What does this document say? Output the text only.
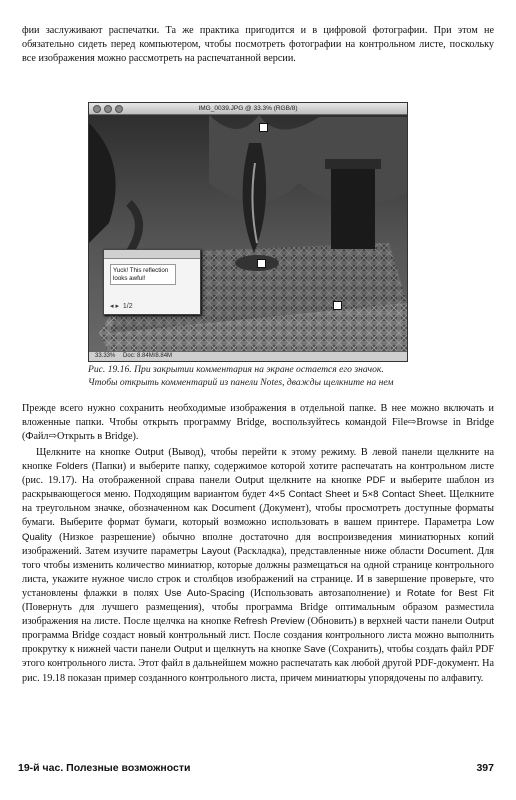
фии заслуживают распечатки. Та же практика пригодится и в цифровой фотографии. При этом не обязательно сидеть перед компьютером, чтобы посмотреть фотографии на контрольном листе, поскольку все изображения можно рассмотреть на распечатанной версии.

IMG_0039.JPG @ 33.3% (RGB/8)
Yuck! This reflection looks awful!
◂ ▸  1/2
33.33% Doc: 8.84M/8.84M

Рис. 19.16. При закрытии комментария на экране остается его значок. Чтобы открыть комментарий из панели Notes, дважды щелкните на нем

Прежде всего нужно сохранить необходимые изображения в отдельной папке. В нее можно включать и вложенные папки. Чтобы открыть программу Bridge, воспользуйтесь командой File⇨Browse in Bridge (Файл⇨Открыть в Bridge).

Щелкните на кнопке Output (Вывод), чтобы перейти к этому режиму. В левой панели щелкните на кнопке Folders (Папки) и выберите папку, содержимое которой хотите распечатать на контрольном листе (рис. 19.17). На отображенной справа панели Output щелкните на кнопке PDF и выберите шаблон из раскрывающегося меню. Подходящим вариантом будет 4×5 Contact Sheet и 5×8 Contact Sheet. Щелкните на треугольном значке, обозначенном как Document (Документ), чтобы просмотреть доступные форматы бумаги. Выберите формат бумаги, который возможно использовать в вашем принтере. Параметра Low Quality (Низкое разрешение) обычно вполне достаточно для воспроизведения миниатюрных копий изображений. Затем изучите параметры Layout (Раскладка), представленные ниже области Document. Для того чтобы изменить количество миниатюр, которые должны размещаться на одной странице контрольного листа, укажите нужное число строк и столбцов изображений на странице. И в завершение проверьте, что установлены флажки в полях Use Auto-Spacing (Использовать автозаполнение) и Rotate for Best Fit (Повернуть для лучшего размещения), чтобы программа Bridge оптимальным образом разместила изображения на листе. После щелчка на кнопке Refresh Preview (Обновить) в верхней части панели Output программа Bridge создаст новый контрольный лист. После создания контрольного листа можно выполнить прокрутку к нижней части панели Output и щелкнуть на кнопке Save (Сохранить), чтобы создать файл PDF этого контрольного листа. Этот файл в дальнейшем можно распечатать как любой другой PDF-документ. На рис. 19.18 показан пример созданного контрольного листа, причем миниатюры упорядочены по алфавиту.

19-й час. Полезные возможности	397
